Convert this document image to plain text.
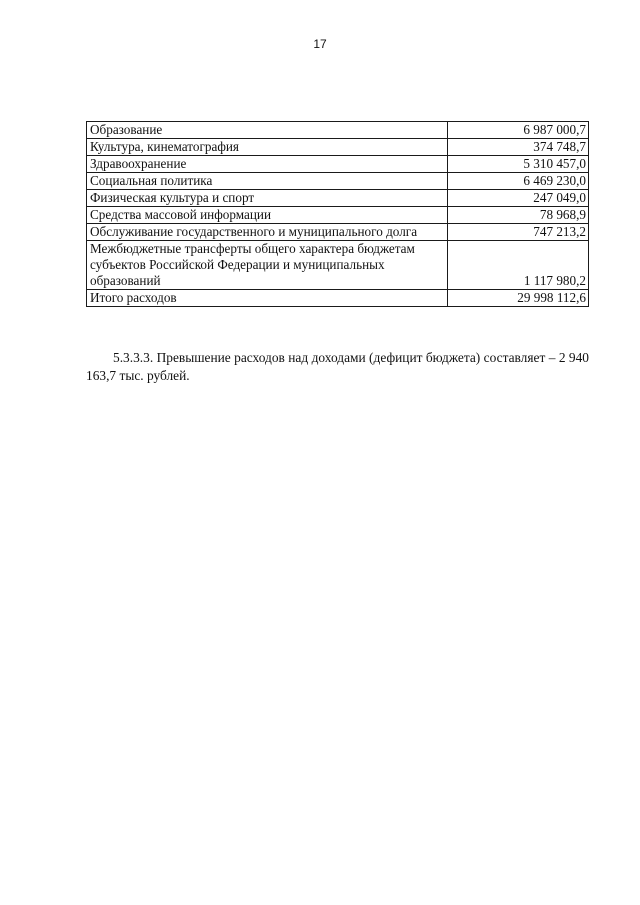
17
Образование	6 987 000,7
Культура, кинематография	374 748,7
Здравоохранение	5 310 457,0
Социальная политика	6 469 230,0
Физическая культура и спорт	247 049,0
Средства массовой информации	78 968,9
Обслуживание государственного и муниципального долга	747 213,2
Межбюджетные трансферты общего характера бюджетам субъектов Российской Федерации и муниципальных образований	1 117 980,2
Итого расходов	29 998 112,6

5.3.3.3. Превышение расходов над доходами (дефицит бюджета) составляет – 2 940 163,7 тыс. рублей.
